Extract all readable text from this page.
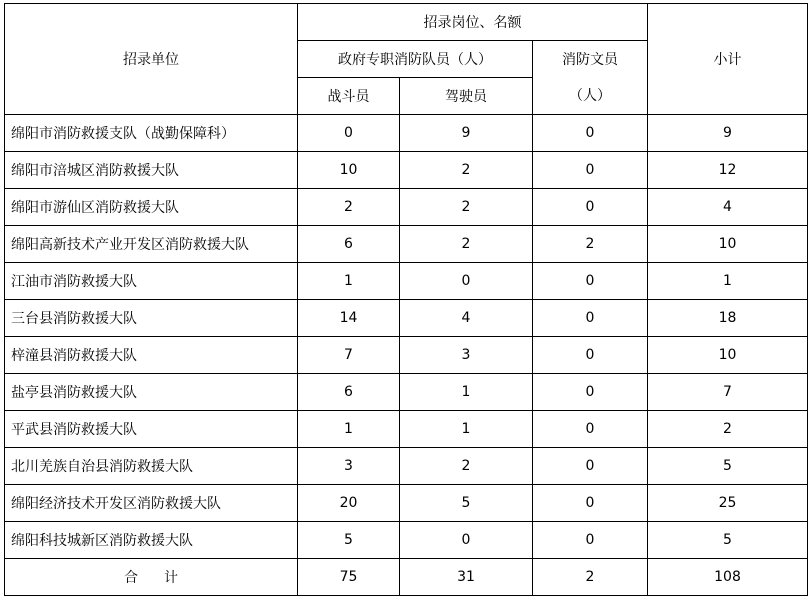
招录单位	招录岗位、名额			小计
	政府专职消防队员（人）		消防文员
（人）	

	战斗员	驾驶员		
绵阳市消防救援支队（战勤保障科）	0	9	0	9
绵阳市涪城区消防救援大队	10	2	0	12
绵阳市游仙区消防救援大队	2	2	0	4
绵阳高新技术产业开发区消防救援大队	6	2	2	10
江油市消防救援大队	1	0	0	1
三台县消防救援大队	14	4	0	18
梓潼县消防救援大队	7	3	0	10
盐亭县消防救援大队	6	1	0	7
平武县消防救援大队	1	1	0	2
北川羌族自治县消防救援大队	3	2	0	5
绵阳经济技术开发区消防救援大队	20	5	0	25
绵阳科技城新区消防救援大队	5	0	0	5
合 计	75	31	2	108
